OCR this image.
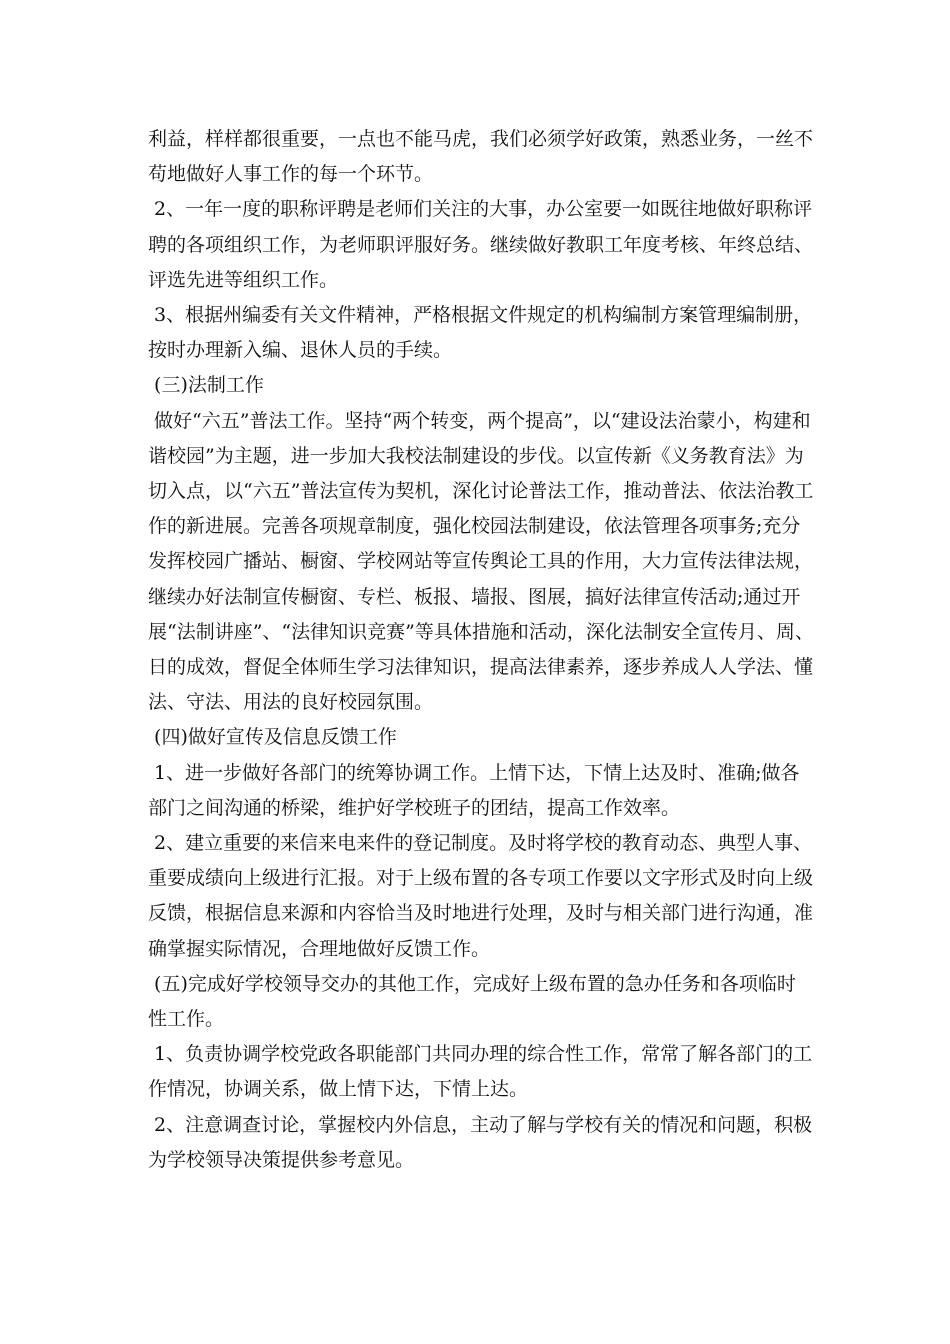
利益，样样都很重要，一点也不能马虎，我们必须学好政策，熟悉业务，一丝不苟地做好人事工作的每一个环节。

2、一年一度的职称评聘是老师们关注的大事，办公室要一如既往地做好职称评聘的各项组织工作，为老师职评服好务。继续做好教职工年度考核、年终总结、评选先进等组织工作。

3、根据州编委有关文件精神，严格根据文件规定的机构编制方案管理编制册，按时办理新入编、退休人员的手续。

(三)法制工作

做好“六五”普法工作。坚持“两个转变，两个提高”，以“建设法治蒙小，构建和谐校园”为主题，进一步加大我校法制建设的步伐。以宣传新《义务教育法》为切入点，以“六五”普法宣传为契机，深化讨论普法工作，推动普法、依法治教工作的新进展。完善各项规章制度，强化校园法制建设，依法管理各项事务;充分发挥校园广播站、橱窗、学校网站等宣传舆论工具的作用，大力宣传法律法规，继续办好法制宣传橱窗、专栏、板报、墙报、图展，搞好法律宣传活动;通过开展“法制讲座”、“法律知识竞赛”等具体措施和活动，深化法制安全宣传月、周、日的成效，督促全体师生学习法律知识，提高法律素养，逐步养成人人学法、懂法、守法、用法的良好校园氛围。

(四)做好宣传及信息反馈工作

1、进一步做好各部门的统筹协调工作。上情下达，下情上达及时、准确;做各部门之间沟通的桥梁，维护好学校班子的团结，提高工作效率。

2、建立重要的来信来电来件的登记制度。及时将学校的教育动态、典型人事、重要成绩向上级进行汇报。对于上级布置的各专项工作要以文字形式及时向上级反馈，根据信息来源和内容恰当及时地进行处理，及时与相关部门进行沟通，准确掌握实际情况，合理地做好反馈工作。

(五)完成好学校领导交办的其他工作，完成好上级布置的急办任务和各项临时性工作。

1、负责协调学校党政各职能部门共同办理的综合性工作，常常了解各部门的工作情况，协调关系，做上情下达，下情上达。

2、注意调查讨论，掌握校内外信息，主动了解与学校有关的情况和问题，积极为学校领导决策提供参考意见。
